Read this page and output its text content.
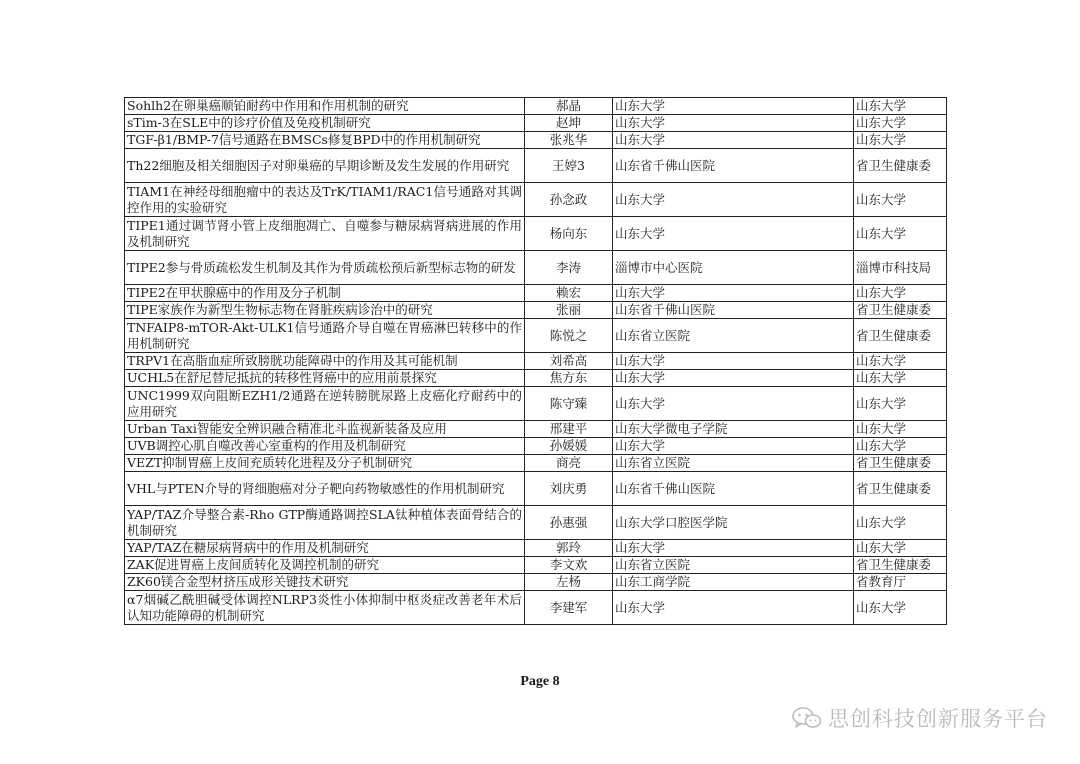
Sohlh2在卵巢癌顺铂耐药中作用和作用机制的研究	郝晶	山东大学	山东大学
sTim-3在SLE中的诊疗价值及免疫机制研究	赵坤	山东大学	山东大学
TGF-β1/BMP-7信号通路在BMSCs修复BPD中的作用机制研究	张兆华	山东大学	山东大学
Th22细胞及相关细胞因子对卵巢癌的早期诊断及发生发展的作用研究	王婷3	山东省千佛山医院	省卫生健康委
TIAM1在神经母细胞瘤中的表达及TrK/TIAM1/RAC1信号通路对其调控作用的实验研究	孙念政	山东大学	山东大学
TIPE1通过调节肾小管上皮细胞凋亡、自噬参与糖尿病肾病进展的作用及机制研究	杨向东	山东大学	山东大学
TIPE2参与骨质疏松发生机制及其作为骨质疏松预后新型标志物的研发	李涛	淄博市中心医院	淄博市科技局
TIPE2在甲状腺癌中的作用及分子机制	赖宏	山东大学	山东大学
TIPE家族作为新型生物标志物在肾脏疾病诊治中的研究	张丽	山东省千佛山医院	省卫生健康委
TNFAIP8-mTOR-Akt-ULK1信号通路介导自噬在胃癌淋巴转移中的作用机制研究	陈悦之	山东省立医院	省卫生健康委
TRPV1在高脂血症所致膀胱功能障碍中的作用及其可能机制	刘希高	山东大学	山东大学
UCHL5在舒尼替尼抵抗的转移性肾癌中的应用前景探究	焦方东	山东大学	山东大学
UNC1999双向阻断EZH1/2通路在逆转膀胱尿路上皮癌化疗耐药中的应用研究	陈守臻	山东大学	山东大学
Urban Taxi智能安全辨识融合精准北斗监视新装备及应用	邢建平	山东大学微电子学院	山东大学
UVB调控心肌自噬改善心室重构的作用及机制研究	孙媛媛	山东大学	山东大学
VEZT抑制胃癌上皮间充质转化进程及分子机制研究	商亮	山东省立医院	省卫生健康委
VHL与PTEN介导的肾细胞癌对分子靶向药物敏感性的作用机制研究	刘庆勇	山东省千佛山医院	省卫生健康委
YAP/TAZ介导整合素-Rho GTP酶通路调控SLA钛种植体表面骨结合的机制研究	孙惠强	山东大学口腔医学院	山东大学
YAP/TAZ在糖尿病肾病中的作用及机制研究	郭玲	山东大学	山东大学
ZAK促进胃癌上皮间质转化及调控机制的研究	李文欢	山东省立医院	省卫生健康委
ZK60镁合金型材挤压成形关键技术研究	左杨	山东工商学院	省教育厅
α7烟碱乙酰胆碱受体调控NLRP3炎性小体抑制中枢炎症改善老年术后认知功能障碍的机制研究	李建军	山东大学	山东大学
Page 8
思创科技创新服务平台
